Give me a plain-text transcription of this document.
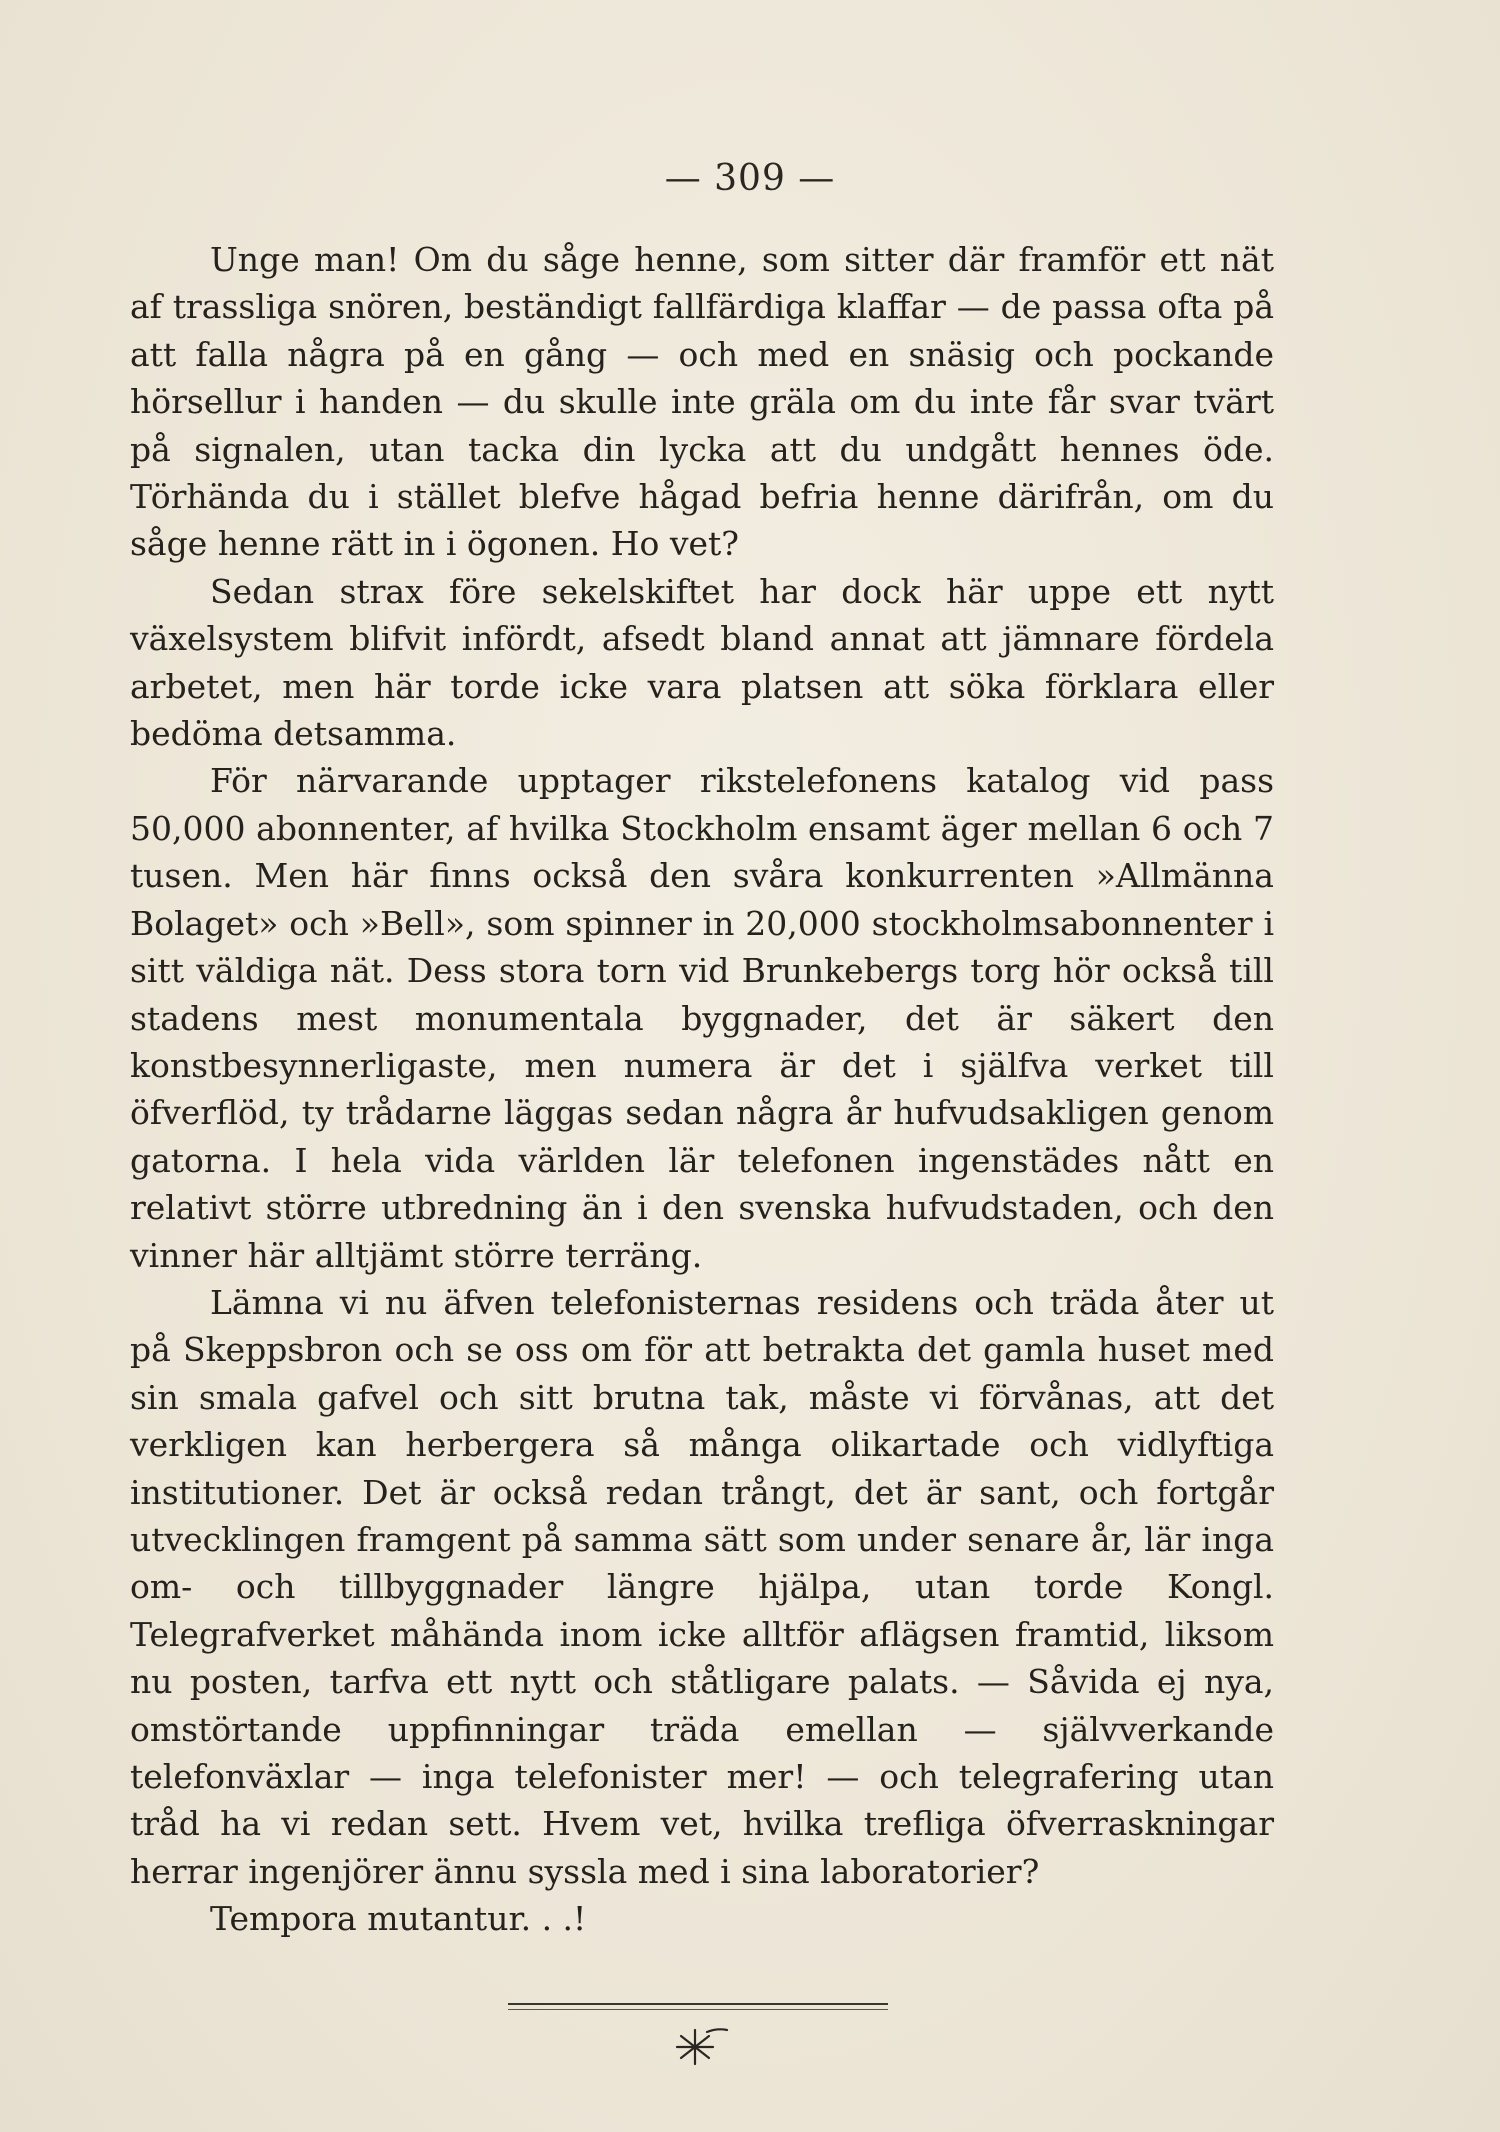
— 309 —

Unge man! Om du såge henne, som sitter där framför ett nät af trassliga snören, beständigt fallfärdiga klaffar — de passa ofta på att falla några på en gång — och med en snäsig och pockande hörsellur i handen — du skulle inte gräla om du inte får svar tvärt på signalen, utan tacka din lycka att du undgått hennes öde. Törhända du i stället blefve hågad befria henne därifrån, om du såge henne rätt in i ögonen. Ho vet?

Sedan strax före sekelskiftet har dock här uppe ett nytt växelsystem blifvit infördt, afsedt bland annat att jämnare fördela arbetet, men här torde icke vara platsen att söka förklara eller bedöma detsamma.

För närvarande upptager rikstelefonens katalog vid pass 50,000 abonnenter, af hvilka Stockholm ensamt äger mellan 6 och 7 tusen. Men här finns också den svåra konkurrenten »Allmänna Bolaget» och »Bell», som spinner in 20,000 stockholmsabonnenter i sitt väldiga nät. Dess stora torn vid Brunkebergs torg hör också till stadens mest monumentala byggnader, det är säkert den konstbesynnerligaste, men numera är det i själfva verket till öfverflöd, ty trådarne läggas sedan några år hufvudsakligen genom gatorna. I hela vida världen lär telefonen ingenstädes nått en relativt större utbredning än i den svenska hufvudstaden, och den vinner här alltjämt större terräng.

Lämna vi nu äfven telefonisternas residens och träda åter ut på Skeppsbron och se oss om för att betrakta det gamla huset med sin smala gafvel och sitt brutna tak, måste vi förvånas, att det verkligen kan herbergera så många olikartade och vidlyftiga institutioner. Det är också redan trångt, det är sant, och fortgår utvecklingen framgent på samma sätt som under senare år, lär inga om- och tillbyggnader längre hjälpa, utan torde Kongl. Telegrafverket måhända inom icke alltför aflägsen framtid, liksom nu posten, tarfva ett nytt och ståtligare palats. — Såvida ej nya, omstörtande uppfinningar träda emellan — självverkande telefonväxlar — inga telefonister mer! — och telegrafering utan tråd ha vi redan sett. Hvem vet, hvilka trefliga öfverraskningar herrar ingenjörer ännu syssla med i sina laboratorier?

Tempora mutantur. . .!
